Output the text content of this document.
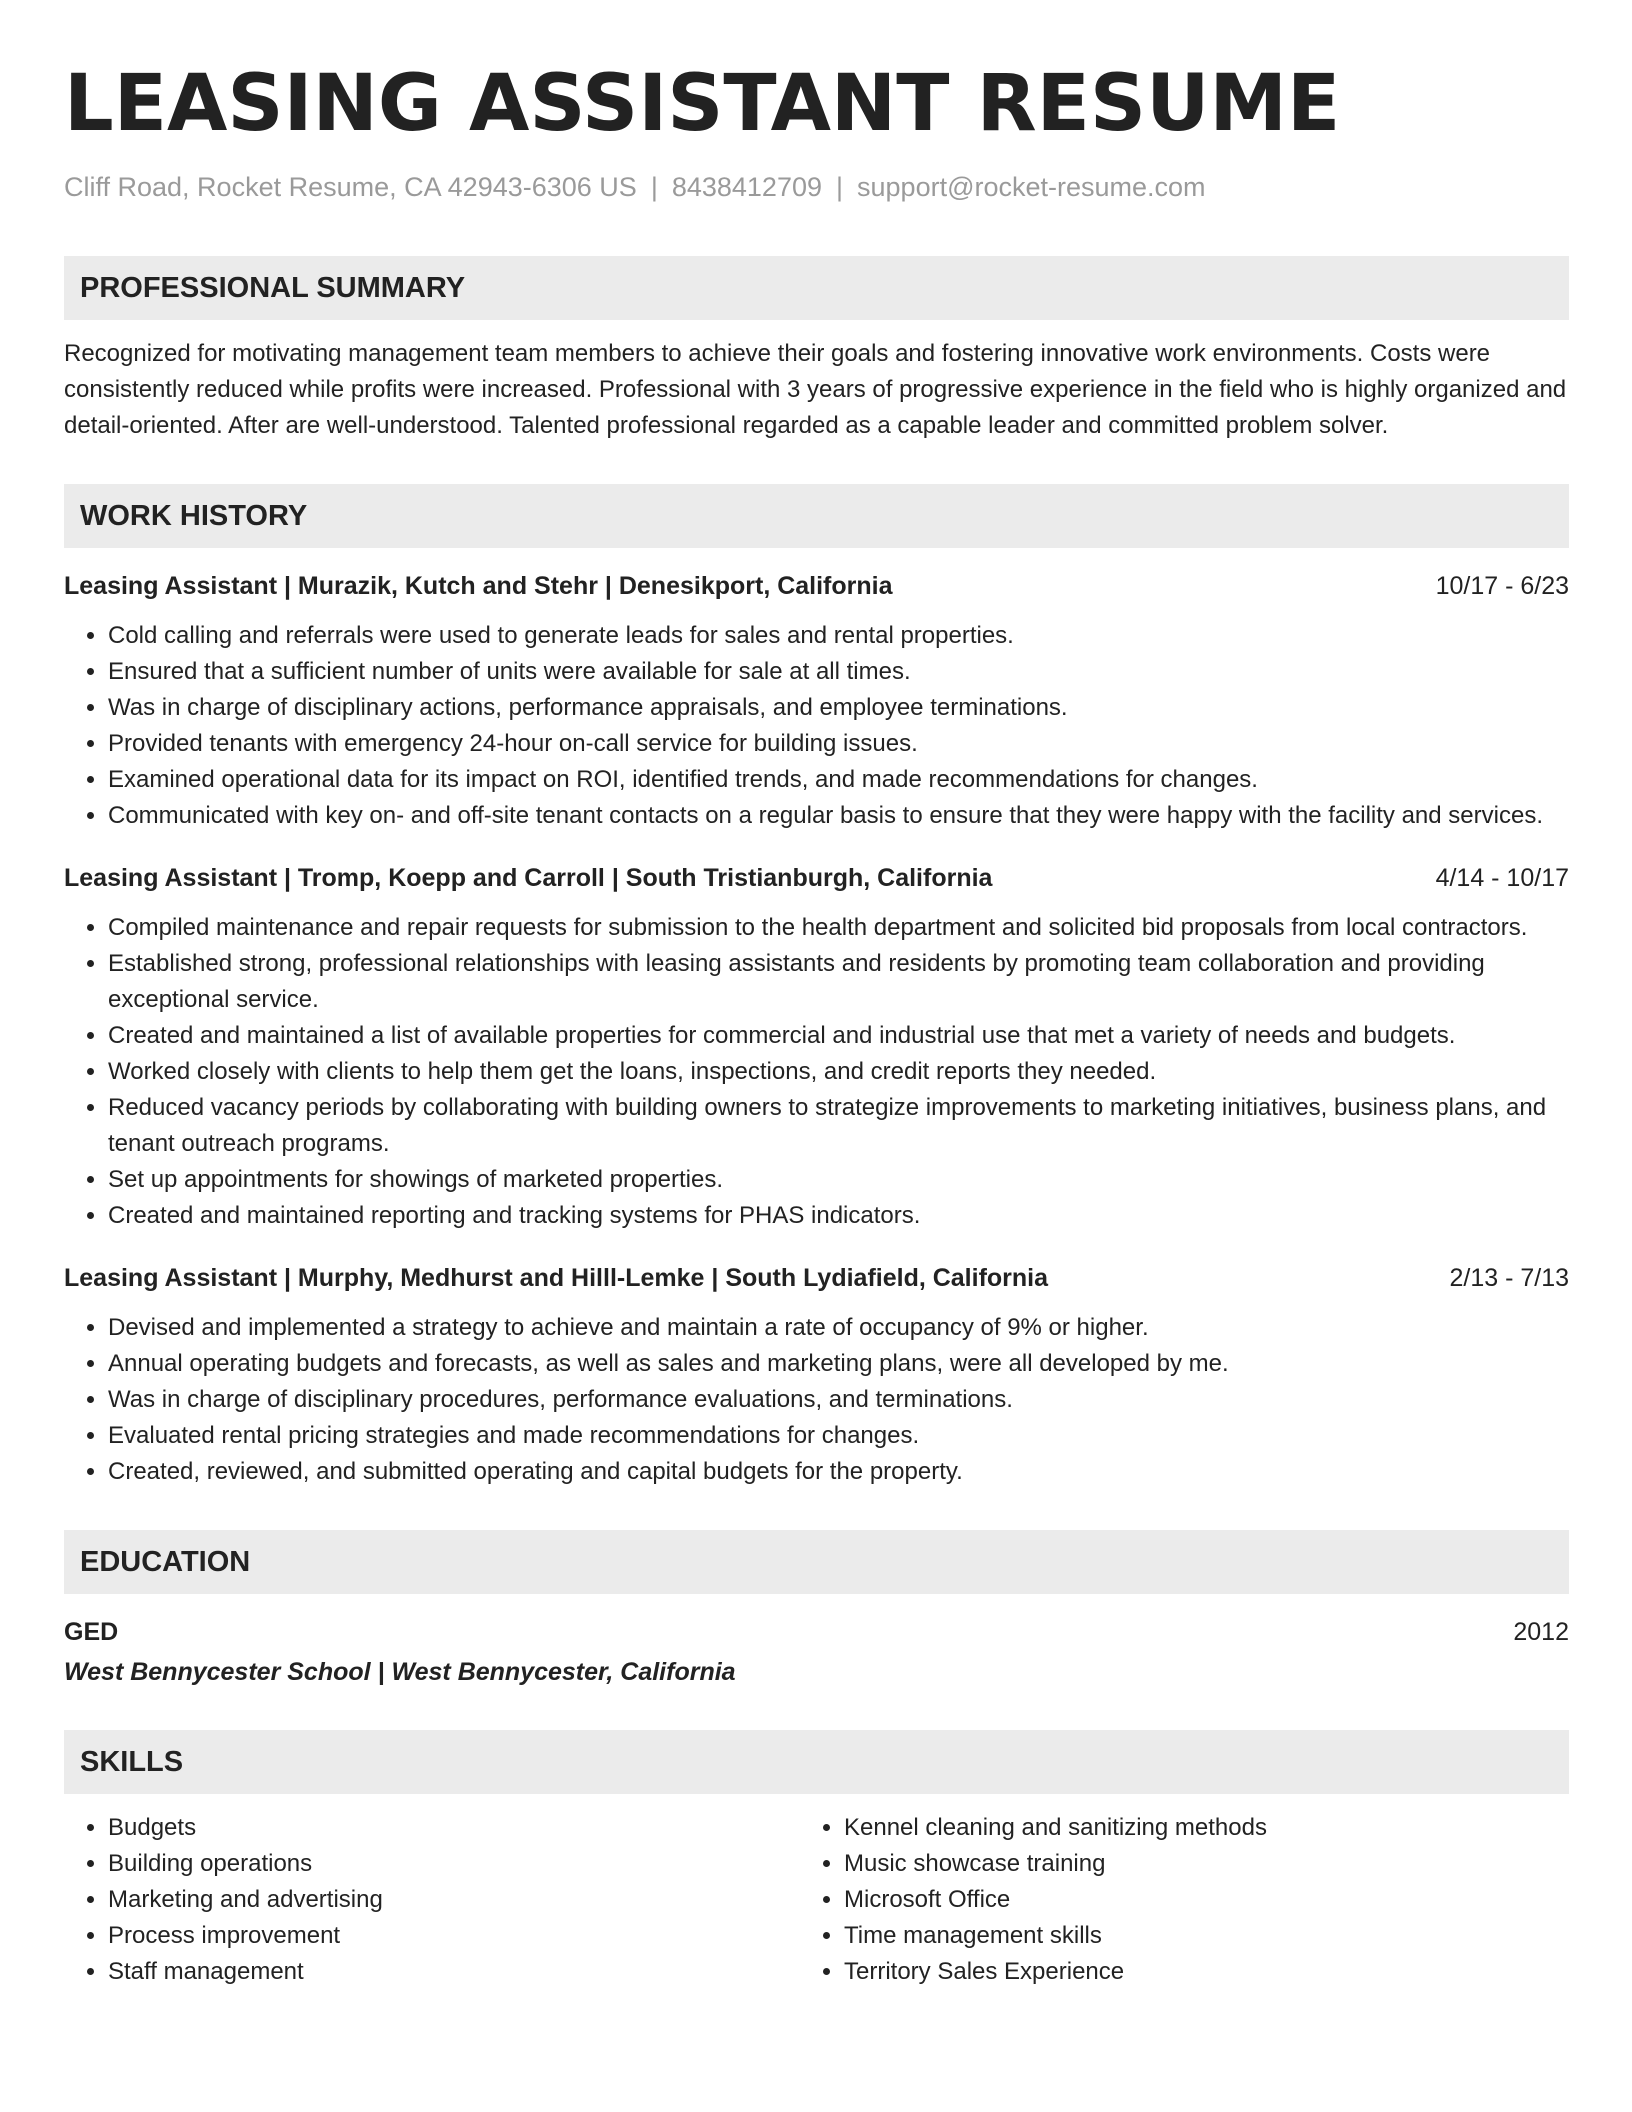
LEASING ASSISTANT RESUME
Cliff Road, Rocket Resume, CA 42943-6306 US | 8438412709 | support@rocket-resume.com
PROFESSIONAL SUMMARY

Recognized for motivating management team members to achieve their goals and fostering innovative work environments. Costs were consistently reduced while profits were increased. Professional with 3 years of progressive experience in the field who is highly organized and detail-oriented. After are well-understood. Talented professional regarded as a capable leader and committed problem solver.

WORK HISTORY
Leasing Assistant | Murazik, Kutch and Stehr | Denesikport, California	10/17 - 6/23
• Cold calling and referrals were used to generate leads for sales and rental properties.
• Ensured that a sufficient number of units were available for sale at all times.
• Was in charge of disciplinary actions, performance appraisals, and employee terminations.
• Provided tenants with emergency 24-hour on-call service for building issues.
• Examined operational data for its impact on ROI, identified trends, and made recommendations for changes.
• Communicated with key on- and off-site tenant contacts on a regular basis to ensure that they were happy with the facility and services.
Leasing Assistant | Tromp, Koepp and Carroll | South Tristianburgh, California	4/14 - 10/17
• Compiled maintenance and repair requests for submission to the health department and solicited bid proposals from local contractors.
• Established strong, professional relationships with leasing assistants and residents by promoting team collaboration and providing exceptional service.
• Created and maintained a list of available properties for commercial and industrial use that met a variety of needs and budgets.
• Worked closely with clients to help them get the loans, inspections, and credit reports they needed.
• Reduced vacancy periods by collaborating with building owners to strategize improvements to marketing initiatives, business plans, and tenant outreach programs.
• Set up appointments for showings of marketed properties.
• Created and maintained reporting and tracking systems for PHAS indicators.
Leasing Assistant | Murphy, Medhurst and Hilll-Lemke | South Lydiafield, California	2/13 - 7/13
• Devised and implemented a strategy to achieve and maintain a rate of occupancy of 9% or higher.
• Annual operating budgets and forecasts, as well as sales and marketing plans, were all developed by me.
• Was in charge of disciplinary procedures, performance evaluations, and terminations.
• Evaluated rental pricing strategies and made recommendations for changes.
• Created, reviewed, and submitted operating and capital budgets for the property.
EDUCATION
GED	2012
West Bennycester School | West Bennycester, California
SKILLS
• Budgets
• Building operations
• Marketing and advertising
• Process improvement
• Staff management
• Kennel cleaning and sanitizing methods
• Music showcase training
• Microsoft Office
• Time management skills
• Territory Sales Experience
